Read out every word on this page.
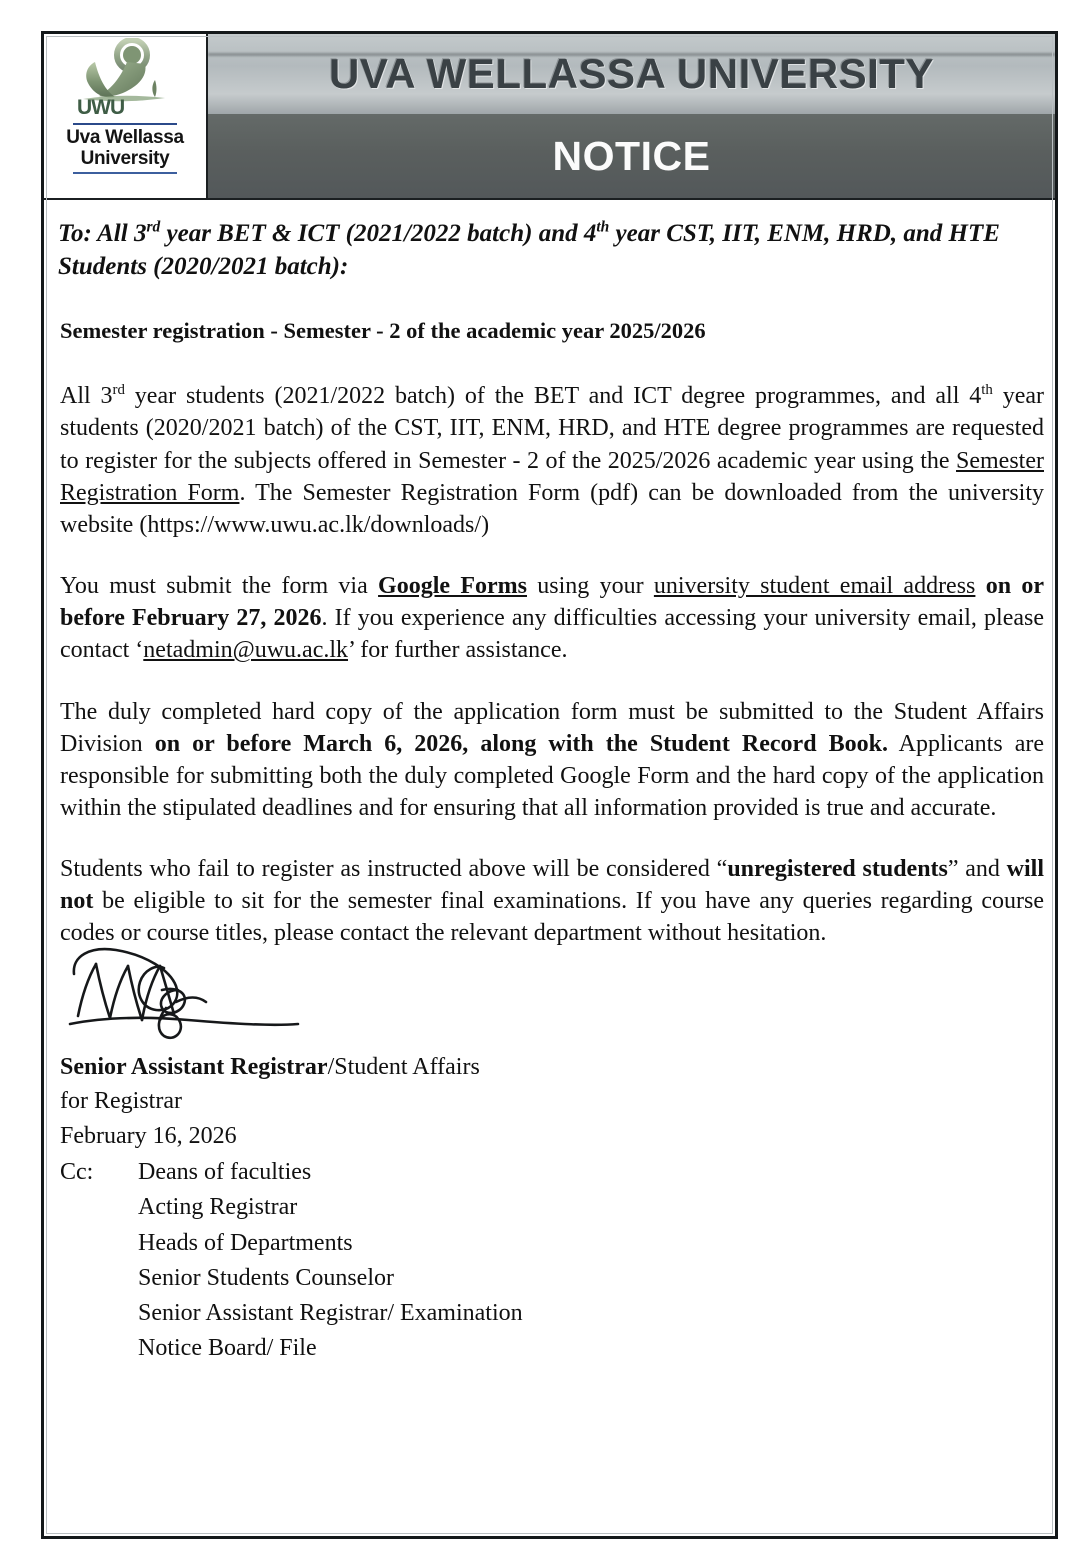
UWU
Uva Wellassa
University
UVA WELLASSA UNIVERSITY
NOTICE
To: All 3rd year BET & ICT (2021/2022 batch) and 4th year CST, IIT, ENM, HRD, and HTE Students (2020/2021 batch):
Semester registration - Semester - 2 of the academic year 2025/2026

All 3rd year students (2021/2022 batch) of the BET and ICT degree programmes, and all 4th year students (2020/2021 batch) of the CST, IIT, ENM, HRD, and HTE degree programmes are requested to register for the subjects offered in Semester - 2 of the 2025/2026 academic year using the Semester Registration Form. The Semester Registration Form (pdf) can be downloaded from the university website (https://www.uwu.ac.lk/downloads/)

You must submit the form via Google Forms using your university student email address on or before February 27, 2026. If you experience any difficulties accessing your university email, please contact ‘netadmin@uwu.ac.lk’ for further assistance.

The duly completed hard copy of the application form must be submitted to the Student Affairs Division on or before March 6, 2026, along with the Student Record Book. Applicants are responsible for submitting both the duly completed Google Form and the hard copy of the application within the stipulated deadlines and for ensuring that all information provided is true and accurate.

Students who fail to register as instructed above will be considered “unregistered students” and will not be eligible to sit for the semester final examinations. If you have any queries regarding course codes or course titles, please contact the relevant department without hesitation.

Senior Assistant Registrar/Student Affairs
for Registrar
February 16, 2026
Cc:	Deans of faculties
Acting Registrar
Heads of Departments
Senior Students Counselor
Senior Assistant Registrar/ Examination
Notice Board/ File
